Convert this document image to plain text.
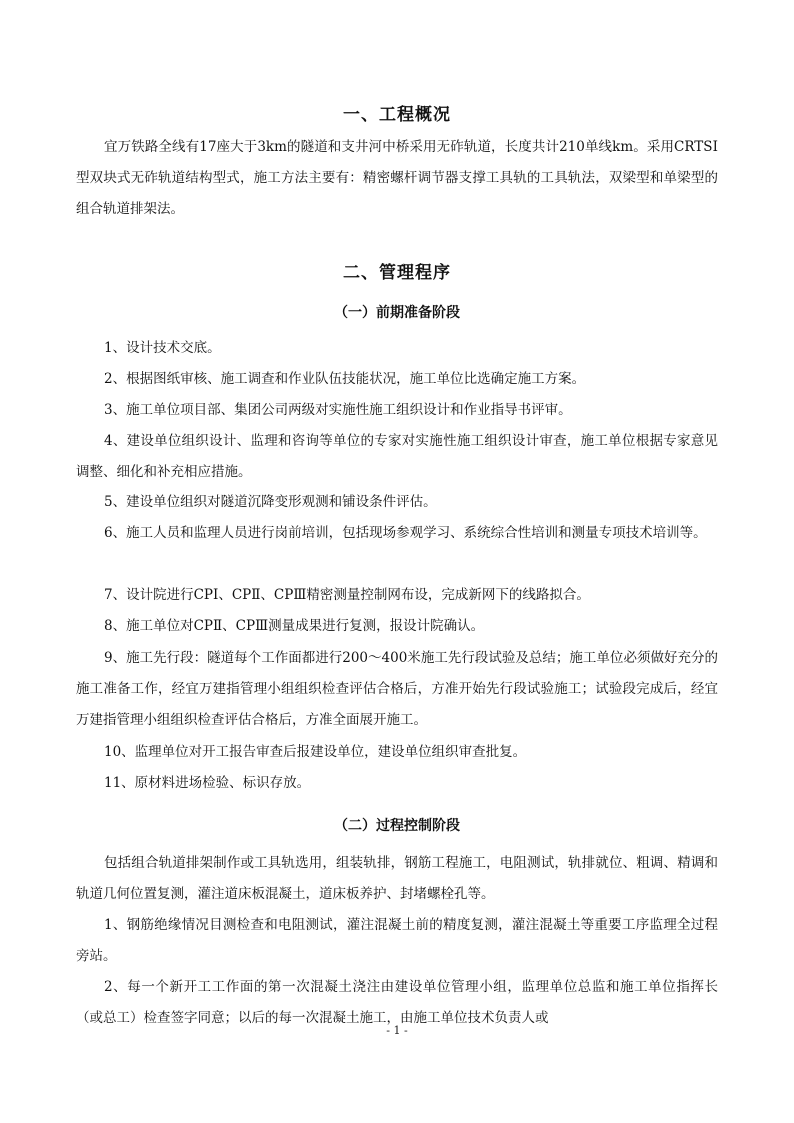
一、工程概况
宜万铁路全线有17座大于3km的隧道和支井河中桥采用无砟轨道，长度共计210单线km。采用CRTSⅠ型双块式无砟轨道结构型式，施工方法主要有：精密螺杆调节器支撑工具轨的工具轨法，双梁型和单梁型的组合轨道排架法。
二、管理程序
（一）前期准备阶段
1、设计技术交底。
2、根据图纸审核、施工调查和作业队伍技能状况，施工单位比选确定施工方案。
3、施工单位项目部、集团公司两级对实施性施工组织设计和作业指导书评审。
4、建设单位组织设计、监理和咨询等单位的专家对实施性施工组织设计审查，施工单位根据专家意见调整、细化和补充相应措施。
5、建设单位组织对隧道沉降变形观测和铺设条件评估。
6、施工人员和监理人员进行岗前培训，包括现场参观学习、系统综合性培训和测量专项技术培训等。
7、设计院进行CPⅠ、CPⅡ、CPⅢ精密测量控制网布设，完成新网下的线路拟合。
8、施工单位对CPⅡ、CPⅢ测量成果进行复测，报设计院确认。
9、施工先行段：隧道每个工作面都进行200～400米施工先行段试验及总结；施工单位必须做好充分的施工准备工作，经宜万建指管理小组组织检查评估合格后，方准开始先行段试验施工；试验段完成后，经宜万建指管理小组组织检查评估合格后，方准全面展开施工。
10、监理单位对开工报告审查后报建设单位，建设单位组织审查批复。
11、原材料进场检验、标识存放。
（二）过程控制阶段
包括组合轨道排架制作或工具轨选用，组装轨排，钢筋工程施工，电阻测试，轨排就位、粗调、精调和轨道几何位置复测，灌注道床板混凝土，道床板养护、封堵螺栓孔等。
1、钢筋绝缘情况目测检查和电阻测试，灌注混凝土前的精度复测，灌注混凝土等重要工序监理全过程旁站。
2、每一个新开工工作面的第一次混凝土浇注由建设单位管理小组，监理单位总监和施工单位指挥长（或总工）检查签字同意；以后的每一次混凝土施工，由施工单位技术负责人或
- 1 -
